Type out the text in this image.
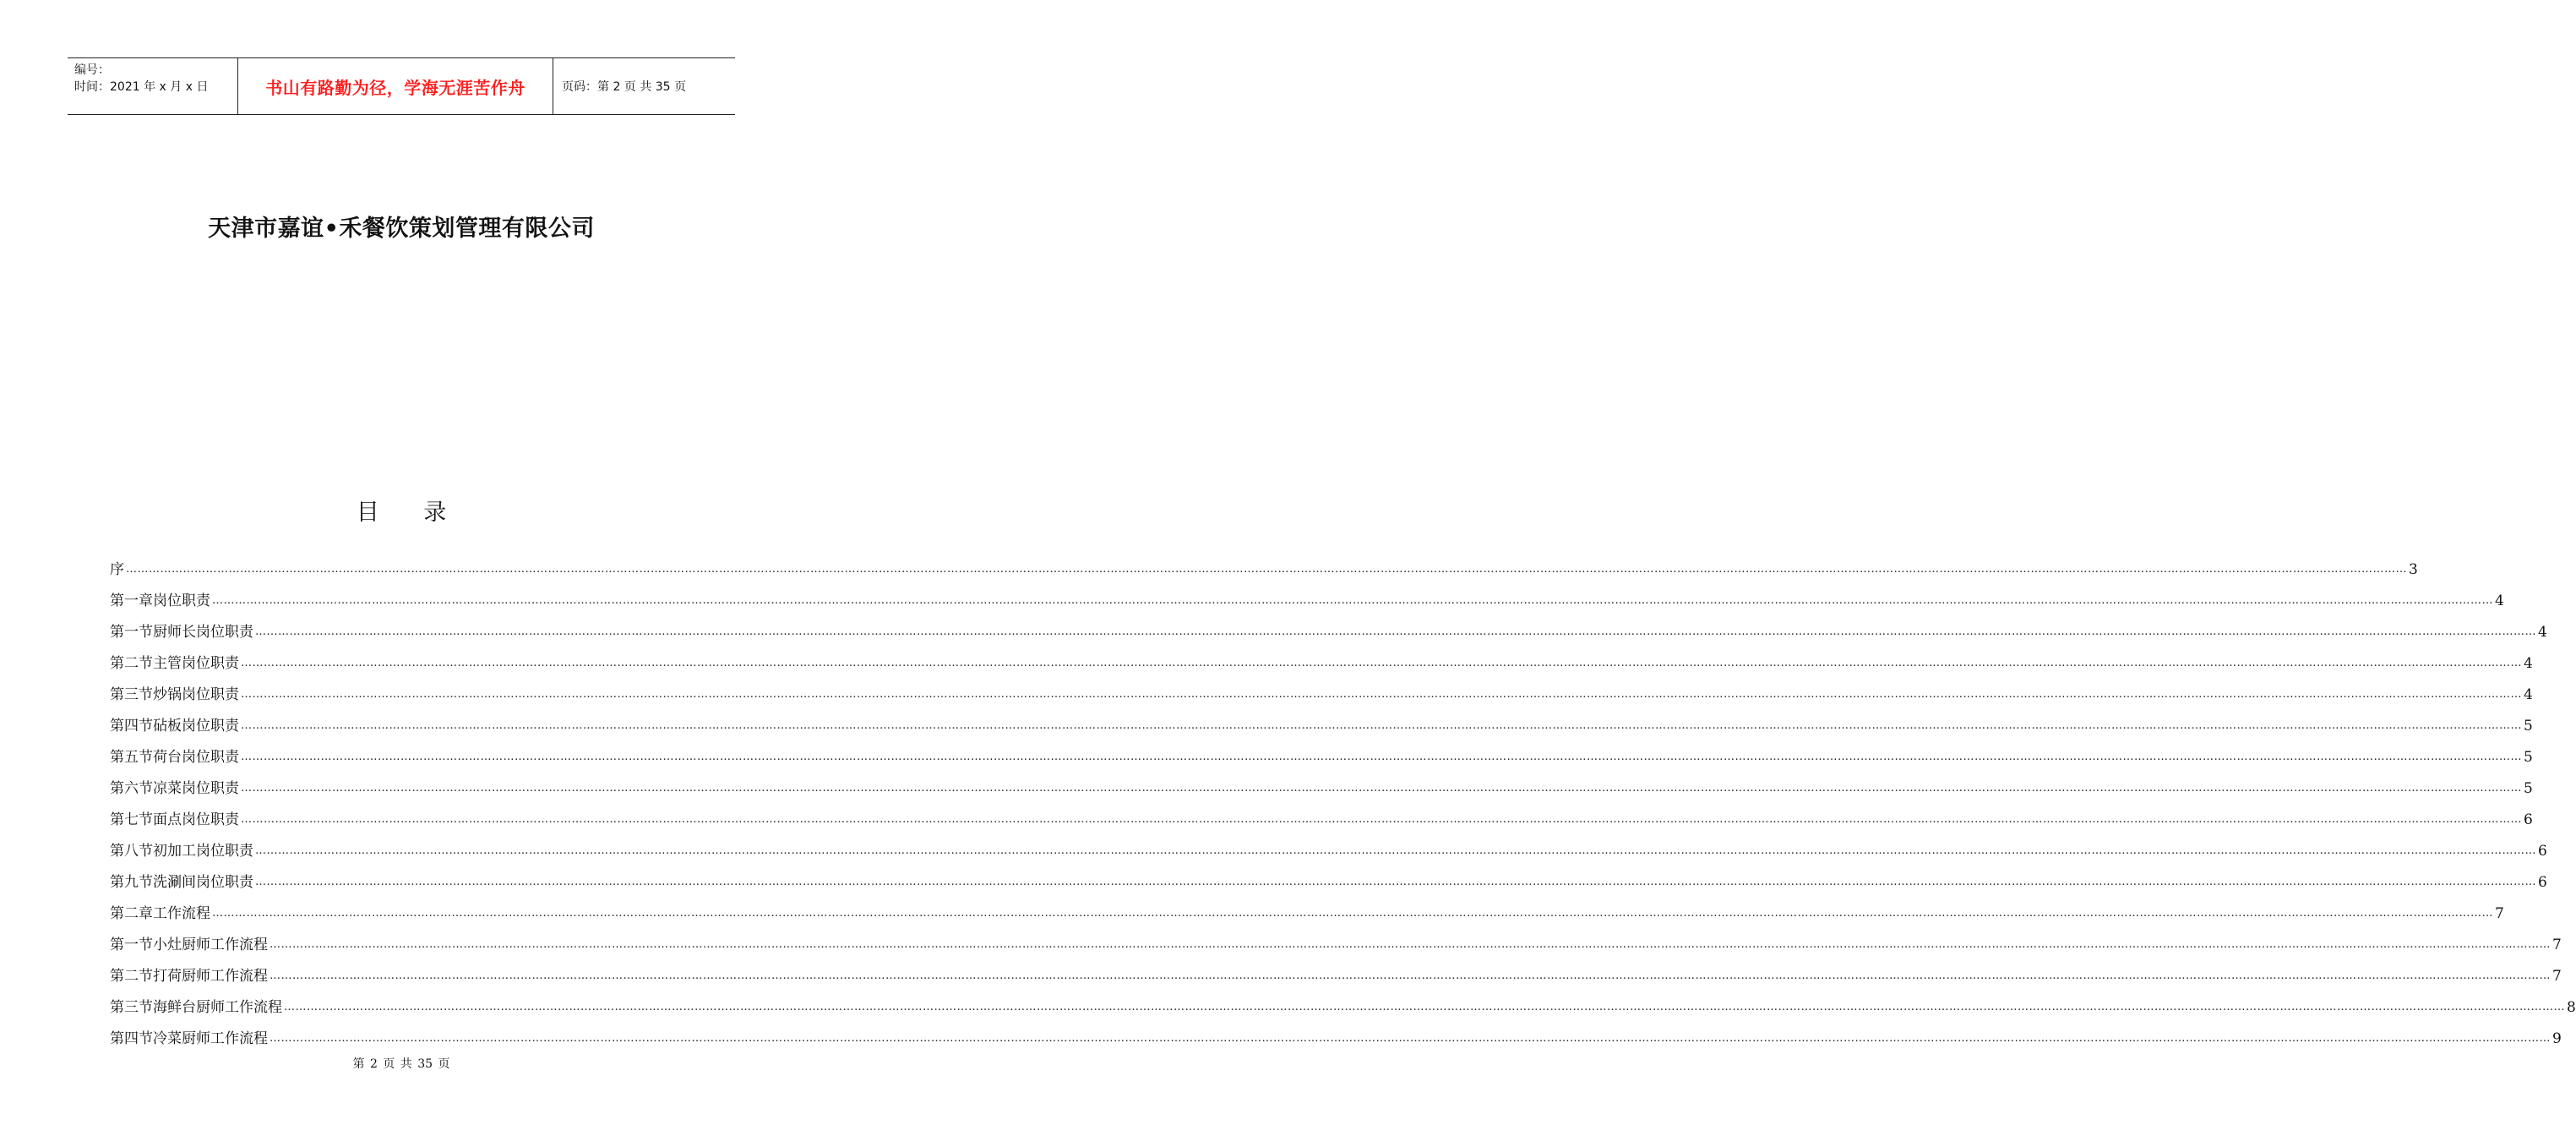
编号：
时间：2021 年 x 月 x 日	书山有路勤为径，学海无涯苦作舟	页码：第 2 页 共 35 页
天津市嘉谊•禾餐饮策划管理有限公司
目 录
序 …………………………………………………………………………………………………………………………………………………………………………………………………………………………………………………………………………………………………………………………………………………………………………………………………………………………………………………………………………………………………………………………………………………… 3
第一章 岗位职责 …………………………………………………………………………………………………………………………………………………………………………………………………………………………………………………………………………………………………………………………………………………………………………………………………………………………………………………………………………………………………………………………………………………… 4
第一节 厨师长岗位职责 …………………………………………………………………………………………………………………………………………………………………………………………………………………………………………………………………………………………………………………………………………………………………………………………………………………………………………………………………………………………………………………………………………………… 4
第二节 主管岗位职责 …………………………………………………………………………………………………………………………………………………………………………………………………………………………………………………………………………………………………………………………………………………………………………………………………………………………………………………………………………………………………………………………………………………… 4
第三节 炒锅岗位职责 …………………………………………………………………………………………………………………………………………………………………………………………………………………………………………………………………………………………………………………………………………………………………………………………………………………………………………………………………………………………………………………………………………………… 4
第四节 砧板岗位职责 …………………………………………………………………………………………………………………………………………………………………………………………………………………………………………………………………………………………………………………………………………………………………………………………………………………………………………………………………………………………………………………………………………………… 5
第五节 荷台岗位职责 …………………………………………………………………………………………………………………………………………………………………………………………………………………………………………………………………………………………………………………………………………………………………………………………………………………………………………………………………………………………………………………………………………………… 5
第六节 凉菜岗位职责 …………………………………………………………………………………………………………………………………………………………………………………………………………………………………………………………………………………………………………………………………………………………………………………………………………………………………………………………………………………………………………………………………………………… 5
第七节 面点岗位职责 …………………………………………………………………………………………………………………………………………………………………………………………………………………………………………………………………………………………………………………………………………………………………………………………………………………………………………………………………………………………………………………………………………………… 6
第八节 初加工岗位职责 …………………………………………………………………………………………………………………………………………………………………………………………………………………………………………………………………………………………………………………………………………………………………………………………………………………………………………………………………………………………………………………………………………………… 6
第九节 洗涮间岗位职责 …………………………………………………………………………………………………………………………………………………………………………………………………………………………………………………………………………………………………………………………………………………………………………………………………………………………………………………………………………………………………………………………………………………… 6
第二章 工作流程 …………………………………………………………………………………………………………………………………………………………………………………………………………………………………………………………………………………………………………………………………………………………………………………………………………………………………………………………………………………………………………………………………………………… 7
第一节 小灶厨师工作流程 …………………………………………………………………………………………………………………………………………………………………………………………………………………………………………………………………………………………………………………………………………………………………………………………………………………………………………………………………………………………………………………………………………………… 7
第二节 打荷厨师工作流程 …………………………………………………………………………………………………………………………………………………………………………………………………………………………………………………………………………………………………………………………………………………………………………………………………………………………………………………………………………………………………………………………………………………… 7
第三节 海鲜台厨师工作流程 …………………………………………………………………………………………………………………………………………………………………………………………………………………………………………………………………………………………………………………………………………………………………………………………………………………………………………………………………………………………………………………………………………………… 8
第四节 冷菜厨师工作流程 …………………………………………………………………………………………………………………………………………………………………………………………………………………………………………………………………………………………………………………………………………………………………………………………………………………………………………………………………………………………………………………………………………………… 9
第 2 页 共 35 页
